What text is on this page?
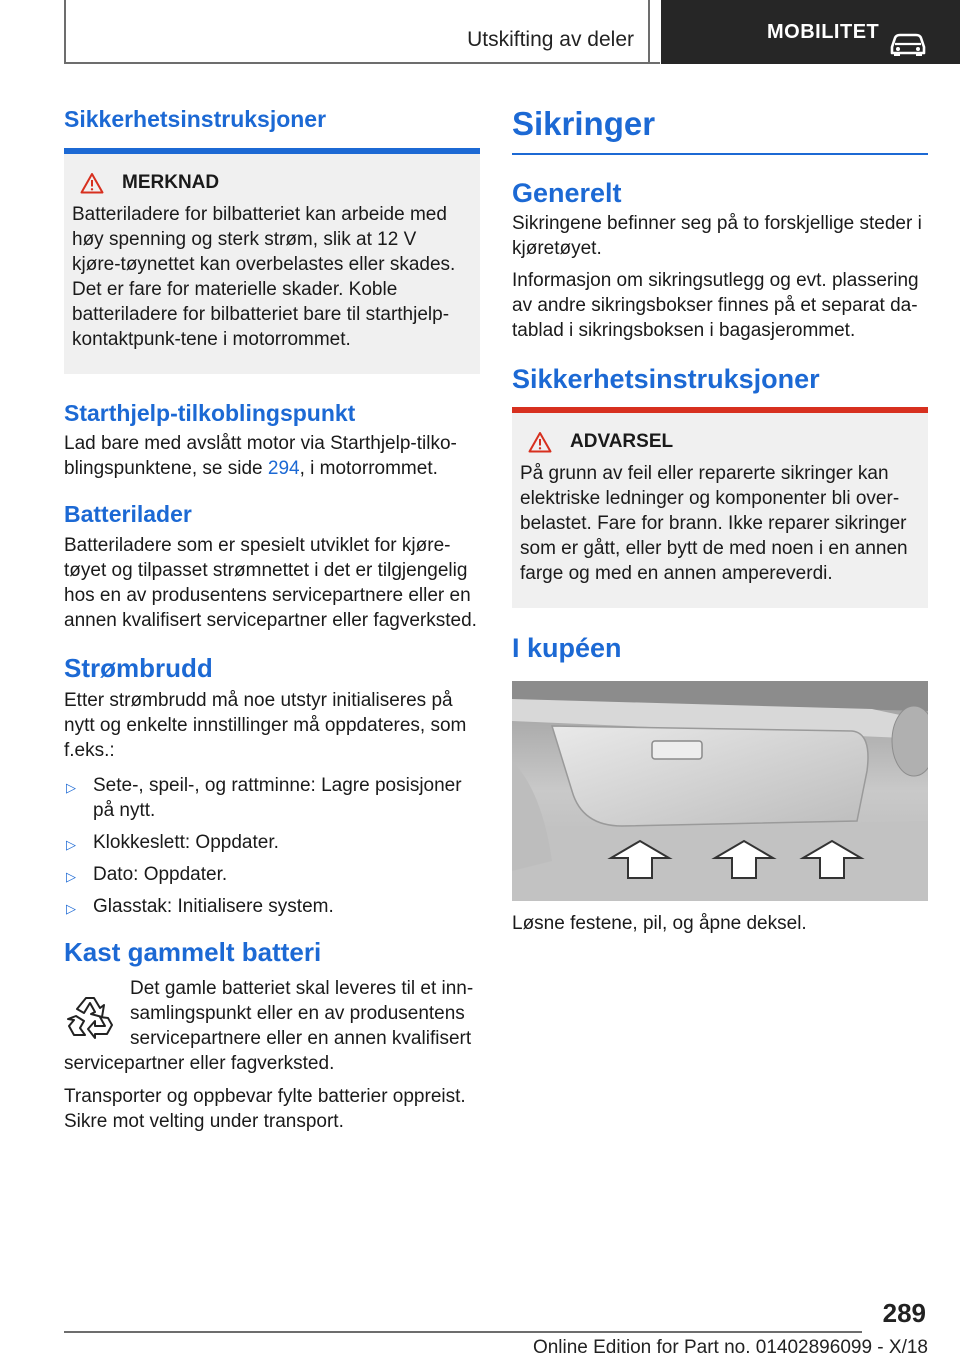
Utskifting av deler	MOBILITET
Sikkerhetsinstruksjoner
MERKNAD

Batteriladere for bilbatteriet kan arbeide med høy spenning og sterk strøm, slik at 12 V kjøre-tøynettet kan overbelastes eller skades. Det er fare for materielle skader. Koble batteriladere for bilbatteriet bare til starthjelp-kontaktpunk-tene i motorrommet.

Starthjelp-tilkoblingspunkt

Lad bare med avslått motor via Starthjelp-tilko-blingspunktene, se side 294, i motorrommet.

Batterilader

Batteriladere som er spesielt utviklet for kjøre-tøyet og tilpasset strømnettet i det er tilgjengelig hos en av produsentens servicepartnere eller en annen kvalifisert servicepartner eller fagverksted.

Strømbrudd

Etter strømbrudd må noe utstyr initialiseres på nytt og enkelte innstillinger må oppdateres, som f.eks.:

▷ Sete-, speil-, og rattminne: Lagre posisjoner på nytt.
▷ Klokkeslett: Oppdater.
▷ Dato: Oppdater.
▷ Glasstak: Initialisere system.
Kast gammelt batteri

Det gamle batteriet skal leveres til et inn-samlingspunkt eller en av produsentens servicepartnere eller en annen kvalifisert servicepartner eller fagverksted.

Transporter og oppbevar fylte batterier oppreist. Sikre mot velting under transport.

Sikringer
Generelt

Sikringene befinner seg på to forskjellige steder i kjøretøyet.

Informasjon om sikringsutlegg og evt. plassering av andre sikringsbokser finnes på et separat da-tablad i sikringsboksen i bagasjerommet.

Sikkerhetsinstruksjoner
ADVARSEL

På grunn av feil eller reparerte sikringer kan elektriske ledninger og komponenter bli over-belastet. Fare for brann. Ikke reparer sikringer som er gått, eller bytt de med noen i en annen farge og med en annen ampereverdi.

I kupéen

Løsne festene, pil, og åpne deksel.

289
Online Edition for Part no. 01402896099 - X/18
